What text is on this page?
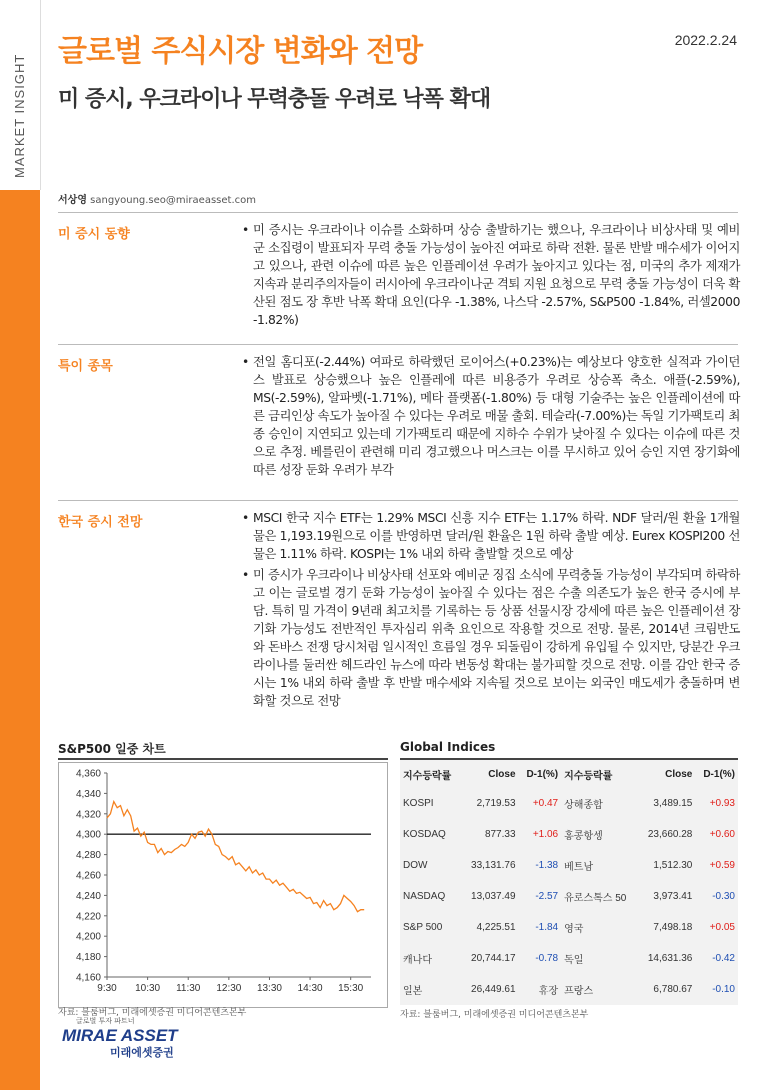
MARKET INSIGHT
글로벌 주식시장 변화와 전망	2022.2.24
미 증시, 우크라이나 무력충돌 우려로 낙폭 확대
서상영 sangyoung.seo@miraeasset.com
미 증시 동향	• 미 증시는 우크라이나 이슈를 소화하며 상승 출발하기는 했으나, 우크라이나 비상사태 및 예비군 소집령이 발표되자 무력 충돌 가능성이 높아진 여파로 하락 전환. 물론 반발 매수세가 이어지고 있으나, 관련 이슈에 따른 높은 인플레이션 우려가 높아지고 있다는 점, 미국의 추가 제재가 지속과 분리주의자들이 러시아에 우크라이나군 격퇴 지원 요청으로 무력 충돌 가능성이 더욱 확산된 점도 장 후반 낙폭 확대 요인(다우 -1.38%, 나스닥 -2.57%, S&P500 -1.84%, 러셀2000 -1.82%)
특이 종목	• 전일 홈디포(-2.44%) 여파로 하락했던 로이어스(+0.23%)는 예상보다 양호한 실적과 가이던스 발표로 상승했으나 높은 인플레에 따른 비용증가 우려로 상승폭 축소. 애플(-2.59%), MS(-2.59%), 알파벳(-1.71%), 메타 플랫폼(-1.80%) 등 대형 기술주는 높은 인플레이션에 따른 금리인상 속도가 높아질 수 있다는 우려로 매물 출회. 테슬라(-7.00%)는 독일 기가팩토리 최종 승인이 지연되고 있는데 기가팩토리 때문에 지하수 수위가 낮아질 수 있다는 이슈에 따른 것으로 추정. 베를린이 관련해 미리 경고했으나 머스크는 이를 무시하고 있어 승인 지연 장기화에 따른 성장 둔화 우려가 부각
한국 증시 전망	• MSCI 한국 지수 ETF는 1.29% MSCI 신흥 지수 ETF는 1.17% 하락. NDF 달러/원 환율 1개월물은 1,193.19원으로 이를 반영하면 달러/원 환율은 1원 하락 출발 예상. Eurex KOSPI200 선물은 1.11% 하락. KOSPI는 1% 내외 하락 출발할 것으로 예상
• 미 증시가 우크라이나 비상사태 선포와 예비군 징집 소식에 무력충돌 가능성이 부각되며 하락하고 이는 글로벌 경기 둔화 가능성이 높아질 수 있다는 점은 수출 의존도가 높은 한국 증시에 부담. 특히 밀 가격이 9년래 최고치를 기록하는 등 상품 선물시장 강세에 따른 높은 인플레이션 장기화 가능성도 전반적인 투자심리 위축 요인으로 작용할 것으로 전망. 물론, 2014년 크림반도와 돈바스 전쟁 당시처럼 일시적인 흐름일 경우 되돌림이 강하게 유입될 수 있지만, 당분간 우크라이나를 둘러싼 헤드라인 뉴스에 따라 변동성 확대는 불가피할 것으로 전망. 이를 감안 한국 증시는 1% 내외 하락 출발 후 반발 매수세와 지속될 것으로 보이는 외국인 매도세가 충돌하며 변화할 것으로 전망
S&P500 일중 차트
4,360
4,340
4,320
4,300
4,280
4,260
4,240
4,220
4,200
4,180
4,160
9:30 10:30 11:30 12:30 13:30 14:30 15:30
자료: 블룸버그, 미래에셋증권 미디어콘텐츠본부
Global Indices
지수등락률	Close	D-1(%)	지수등락률	Close	D-1(%)
KOSPI	2,719.53	+0.47	상해종합	3,489.15	+0.93
KOSDAQ	877.33	+1.06	홍콩항셍	23,660.28	+0.60
DOW	33,131.76	-1.38	베트남	1,512.30	+0.59
NASDAQ	13,037.49	-2.57	유로스톡스 50	3,973.41	-0.30
S&P 500	4,225.51	-1.84	영국	7,498.18	+0.05
캐나다	20,744.17	-0.78	독일	14,631.36	-0.42
일본	26,449.61	휴장	프랑스	6,780.67	-0.10
자료: 블룸버그, 미래에셋증권 미디어콘텐츠본부
글로벌 투자 파트너
MIRAE ASSET
미래에셋증권
